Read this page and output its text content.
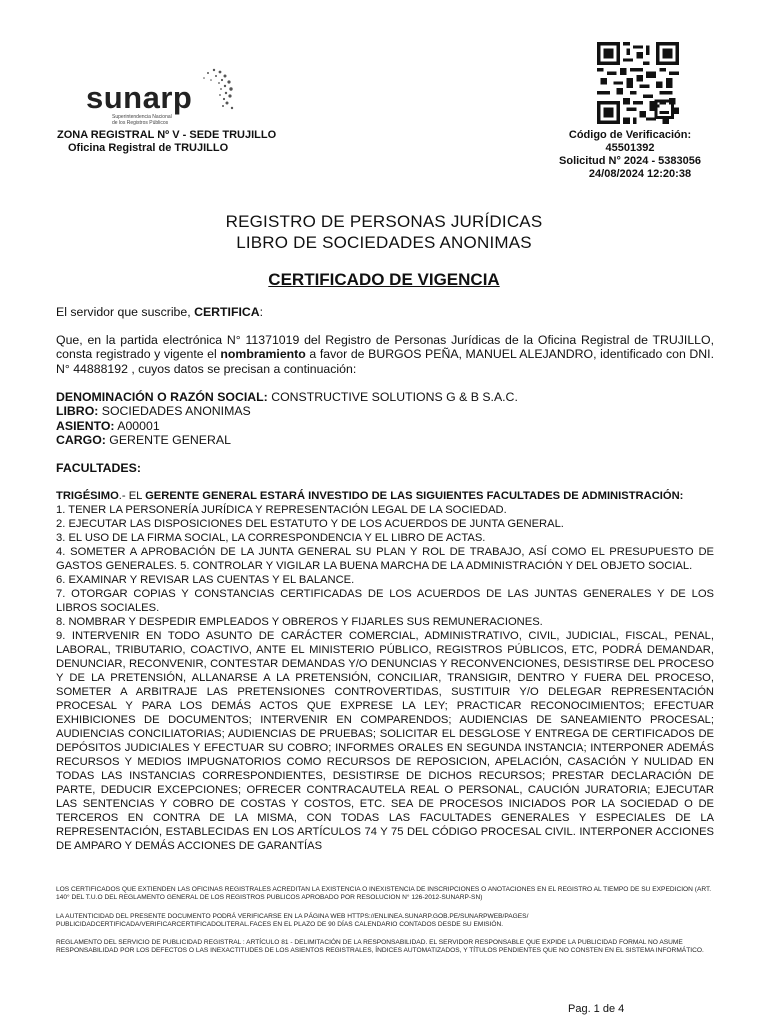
sunarp
Superintendencia Nacional
de los Registros Públicos
ZONA REGISTRAL Nº V - SEDE TRUJILLO
Oficina Registral de TRUJILLO
Código de Verificación:
45501392
Solicitud N° 2024 - 5383056
24/08/2024 12:20:38
REGISTRO DE PERSONAS JURÍDICAS
LIBRO DE SOCIEDADES ANONIMAS
CERTIFICADO DE VIGENCIA
El servidor que suscribe, CERTIFICA:
Que, en la partida electrónica N° 11371019 del Registro de Personas Jurídicas de la Oficina Registral de TRUJILLO, consta registrado y vigente el nombramiento a favor de BURGOS PEÑA, MANUEL ALEJANDRO, identificado con DNI. N° 44888192 , cuyos datos se precisan a continuación:
DENOMINACIÓN O RAZÓN SOCIAL: CONSTRUCTIVE SOLUTIONS G & B S.A.C.
LIBRO: SOCIEDADES ANONIMAS
ASIENTO: A00001
CARGO: GERENTE GENERAL
FACULTADES:
TRIGÉSIMO.- EL GERENTE GENERAL ESTARÁ INVESTIDO DE LAS SIGUIENTES FACULTADES DE ADMINISTRACIÓN:
1. TENER LA PERSONERÍA JURÍDICA Y REPRESENTACIÓN LEGAL DE LA SOCIEDAD.
2. EJECUTAR LAS DISPOSICIONES DEL ESTATUTO Y DE LOS ACUERDOS DE JUNTA GENERAL.
3. EL USO DE LA FIRMA SOCIAL, LA CORRESPONDENCIA Y EL LIBRO DE ACTAS.
4. SOMETER A APROBACIÓN DE LA JUNTA GENERAL SU PLAN Y ROL DE TRABAJO, ASÍ COMO EL PRESUPUESTO DE GASTOS GENERALES. 5. CONTROLAR Y VIGILAR LA BUENA MARCHA DE LA ADMINISTRACIÓN Y DEL OBJETO SOCIAL.
6. EXAMINAR Y REVISAR LAS CUENTAS Y EL BALANCE.
7. OTORGAR COPIAS Y CONSTANCIAS CERTIFICADAS DE LOS ACUERDOS DE LAS JUNTAS GENERALES Y DE LOS LIBROS SOCIALES.
8. NOMBRAR Y DESPEDIR EMPLEADOS Y OBREROS Y FIJARLES SUS REMUNERACIONES.
9. INTERVENIR EN TODO ASUNTO DE CARÁCTER COMERCIAL, ADMINISTRATIVO, CIVIL, JUDICIAL, FISCAL, PENAL, LABORAL, TRIBUTARIO, COACTIVO, ANTE EL MINISTERIO PÚBLICO, REGISTROS PÚBLICOS, ETC, PODRÁ DEMANDAR, DENUNCIAR, RECONVENIR, CONTESTAR DEMANDAS Y/O DENUNCIAS Y RECONVENCIONES, DESISTIRSE DEL PROCESO Y DE LA PRETENSIÓN, ALLANARSE A LA PRETENSIÓN, CONCILIAR, TRANSIGIR, DENTRO Y FUERA DEL PROCESO, SOMETER A ARBITRAJE LAS PRETENSIONES CONTROVERTIDAS, SUSTITUIR Y/O DELEGAR REPRESENTACIÓN PROCESAL Y PARA LOS DEMÁS ACTOS QUE EXPRESE LA LEY; PRACTICAR RECONOCIMIENTOS; EFECTUAR EXHIBICIONES DE DOCUMENTOS; INTERVENIR EN COMPARENDOS; AUDIENCIAS DE SANEAMIENTO PROCESAL; AUDIENCIAS CONCILIATORIAS; AUDIENCIAS DE PRUEBAS; SOLICITAR EL DESGLOSE Y ENTREGA DE CERTIFICADOS DE DEPÓSITOS JUDICIALES Y EFECTUAR SU COBRO; INFORMES ORALES EN SEGUNDA INSTANCIA; INTERPONER ADEMÁS RECURSOS Y MEDIOS IMPUGNATORIOS COMO RECURSOS DE REPOSICION, APELACIÓN, CASACIÓN Y NULIDAD EN TODAS LAS INSTANCIAS CORRESPONDIENTES, DESISTIRSE DE DICHOS RECURSOS; PRESTAR DECLARACIÓN DE PARTE, DEDUCIR EXCEPCIONES; OFRECER CONTRACAUTELA REAL O PERSONAL, CAUCIÓN JURATORIA; EJECUTAR LAS SENTENCIAS Y COBRO DE COSTAS Y COSTOS, ETC. SEA DE PROCESOS INICIADOS POR LA SOCIEDAD O DE TERCEROS EN CONTRA DE LA MISMA, CON TODAS LAS FACULTADES GENERALES Y ESPECIALES DE LA REPRESENTACIÓN, ESTABLECIDAS EN LOS ARTÍCULOS 74 Y 75 DEL CÓDIGO PROCESAL CIVIL. INTERPONER ACCIONES DE AMPARO Y DEMÁS ACCIONES DE GARANTÍAS
LOS CERTIFICADOS QUE EXTIENDEN LAS OFICINAS REGISTRALES ACREDITAN LA EXISTENCIA O INEXISTENCIA DE INSCRIPCIONES O ANOTACIONES EN EL REGISTRO AL TIEMPO DE SU EXPEDICION (ART. 140° DEL T.U.O DEL REGLAMENTO GENERAL DE LOS REGISTROS PUBLICOS APROBADO POR RESOLUCION N° 126-2012-SUNARP-SN)
LA AUTENTICIDAD DEL PRESENTE DOCUMENTO PODRÁ VERIFICARSE EN LA PÁGINA WEB HTTPS://ENLINEA.SUNARP.GOB.PE/SUNARPWEB/PAGES/ PUBLICIDADCERTIFICADA/VERIFICARCERTIFICADOLITERAL.FACES EN EL PLAZO DE 90 DÍAS CALENDARIO CONTADOS DESDE SU EMISIÓN.
REGLAMENTO DEL SERVICIO DE PUBLICIDAD REGISTRAL : ARTÍCULO 81 - DELIMITACIÓN DE LA RESPONSABILIDAD. EL SERVIDOR RESPONSABLE QUE EXPIDE LA PUBLICIDAD FORMAL NO ASUME RESPONSABILIDAD POR LOS DEFECTOS O LAS INEXACTITUDES DE LOS ASIENTOS REGISTRALES, ÍNDICES AUTOMATIZADOS, Y TÍTULOS PENDIENTES QUE NO CONSTEN EN EL SISTEMA INFORMÁTICO.
Pag. 1 de 4
